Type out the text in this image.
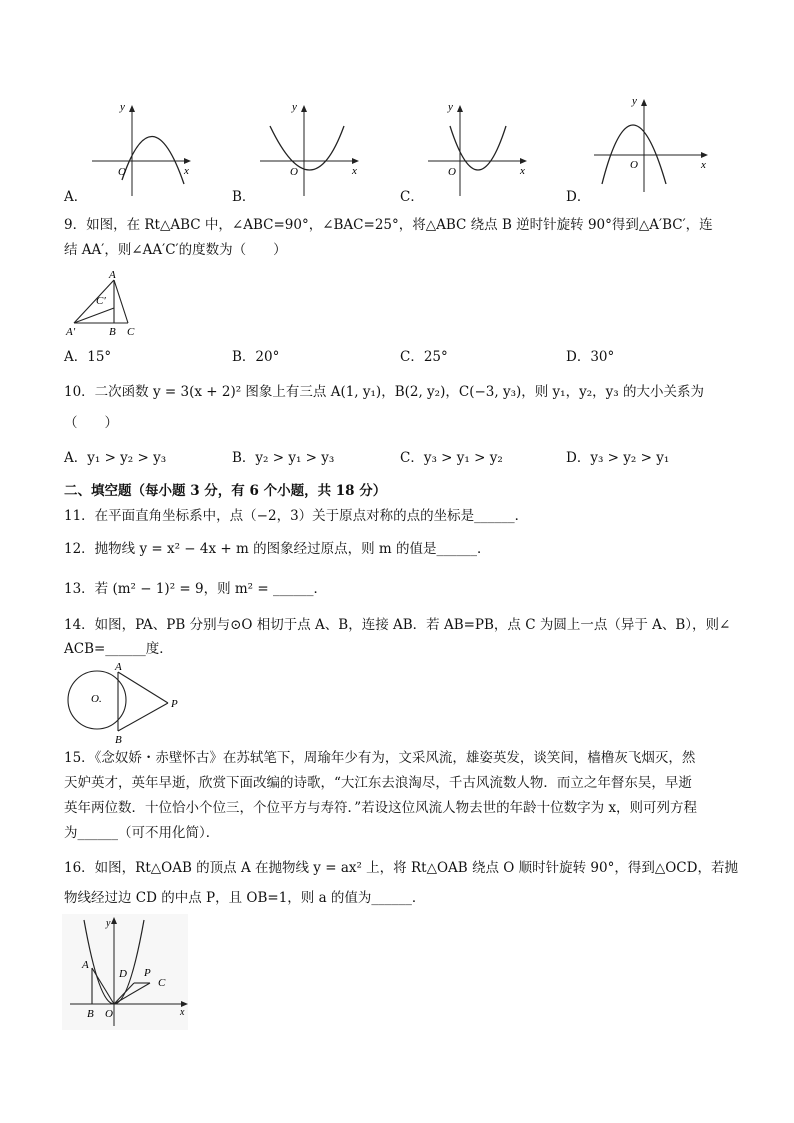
y
x
O
A．
y
x
O
B．
y
x
O
C．
y
x
O
D．
9．如图，在 Rt△ABC 中，∠ABC=90°，∠BAC=25°，将△ABC 绕点 B 逆时针旋转 90°得到△A′BC′，连
结 AA′，则∠AA′C′的度数为（　　）
A
C′
A′	B C
A．15°	B．20°	C．25°	D．30°
10．二次函数 y = 3(x + 2)² 图象上有三点 A(1, y₁)，B(2, y₂)，C(−3, y₃)，则 y₁，y₂，y₃ 的大小关系为
（　　）
A．y₁ > y₂ > y₃	B．y₂ > y₁ > y₃	C．y₃ > y₁ > y₂	D．y₃ > y₂ > y₁
二、填空题（每小题 3 分，有 6 个小题，共 18 分）
11．在平面直角坐标系中，点（−2，3）关于原点对称的点的坐标是______．
12．抛物线 y = x² − 4x + m 的图象经过原点，则 m 的值是______．
13．若 (m² − 1)² = 9，则 m² = ______．
14．如图，PA、PB 分别与⊙O 相切于点 A、B，连接 AB．若 AB=PB，点 C 为圆上一点（异于 A、B），则∠
ACB=______度．
A
B
O.	P
15．《念奴娇・赤壁怀古》在苏轼笔下，周瑜年少有为，文采风流，雄姿英发，谈笑间，樯橹灰飞烟灭，然
天妒英才，英年早逝，欣赏下面改编的诗歌，“大江东去浪淘尽，千古风流数人物．而立之年督东吴，早逝
英年两位数．十位恰小个位三，个位平方与寿符．”若设这位风流人物去世的年龄十位数字为 x，则可列方程
为______（可不用化简）．
16．如图，Rt△OAB 的顶点 A 在抛物线 y = ax² 上，将 Rt△OAB 绕点 O 顺时针旋转 90°，得到△OCD，若抛
物线经过边 CD 的中点 P，且 OB=1，则 a 的值为______．
y
x
A
D P
C
B O
